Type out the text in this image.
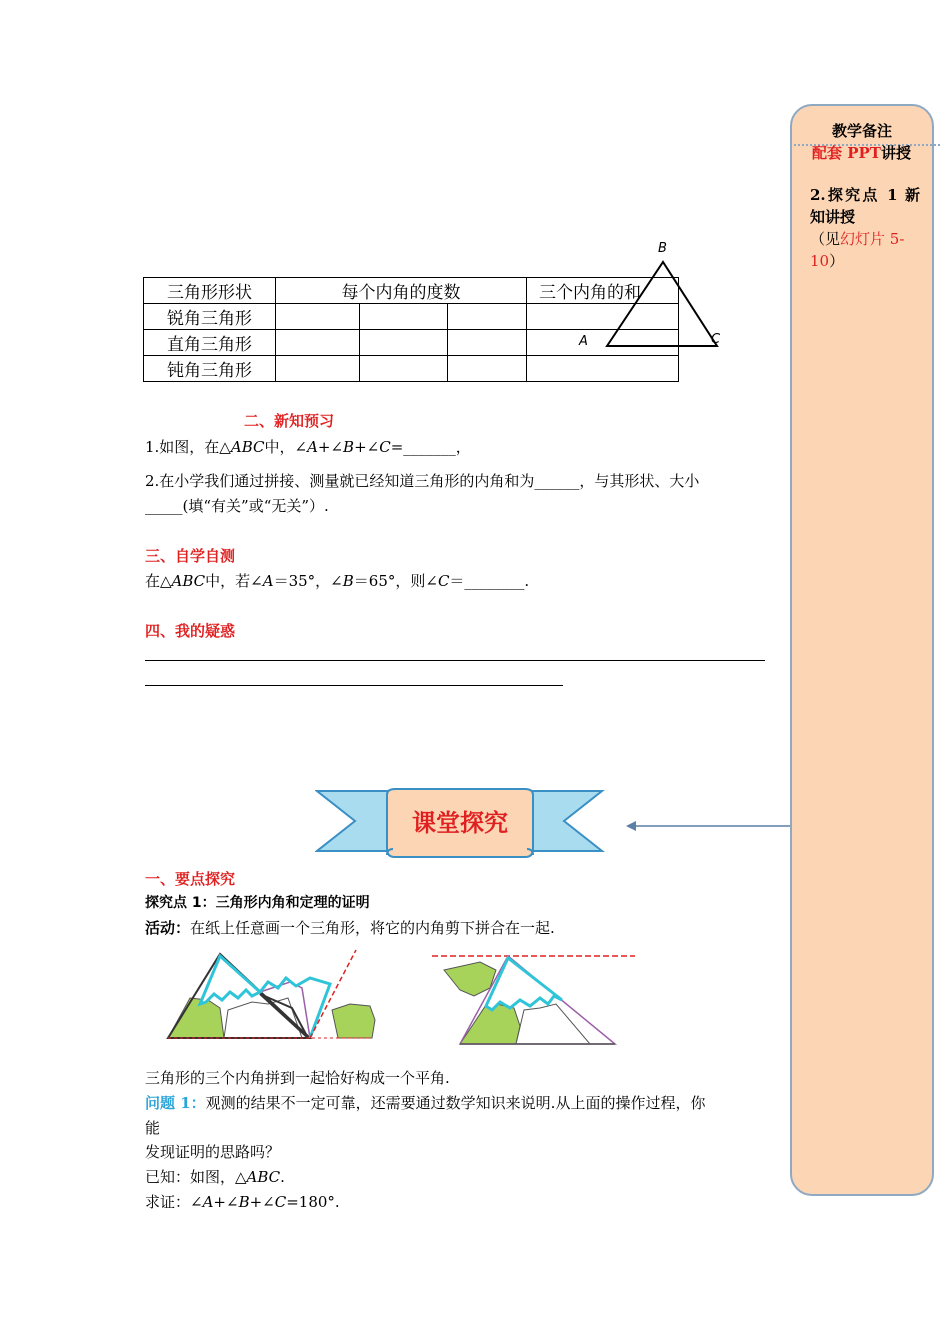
B
A	C
三角形形状	每个内角的度数			三个内角的和
锐角三角形				
直角三角形				
钝角三角形				
二、新知预习
1.如图，在△ABC中，∠A+∠B+∠C=_______，
2.在小学我们通过拼接、测量就已经知道三角形的内角和为______，与其形状、大小
_____(填“有关”或“无关”）.
三、自学自测
在△ABC中，若∠A＝35°，∠B＝65°，则∠C＝________.
四、我的疑惑
课堂探究
一、要点探究
探究点 1：三角形内角和定理的证明
活动：在纸上任意画一个三角形，将它的内角剪下拼合在一起.
三角形的三个内角拼到一起恰好构成一个平角.
问题 1：观测的结果不一定可靠，还需要通过数学知识来说明.从上面的操作过程，你
能
发现证明的思路吗？
已知：如图，△ABC.
求证：∠A+∠B+∠C=180°.
教学备注
配套 PPT讲授
2.探究点 1 新知讲授
（见幻灯片 5-10）
